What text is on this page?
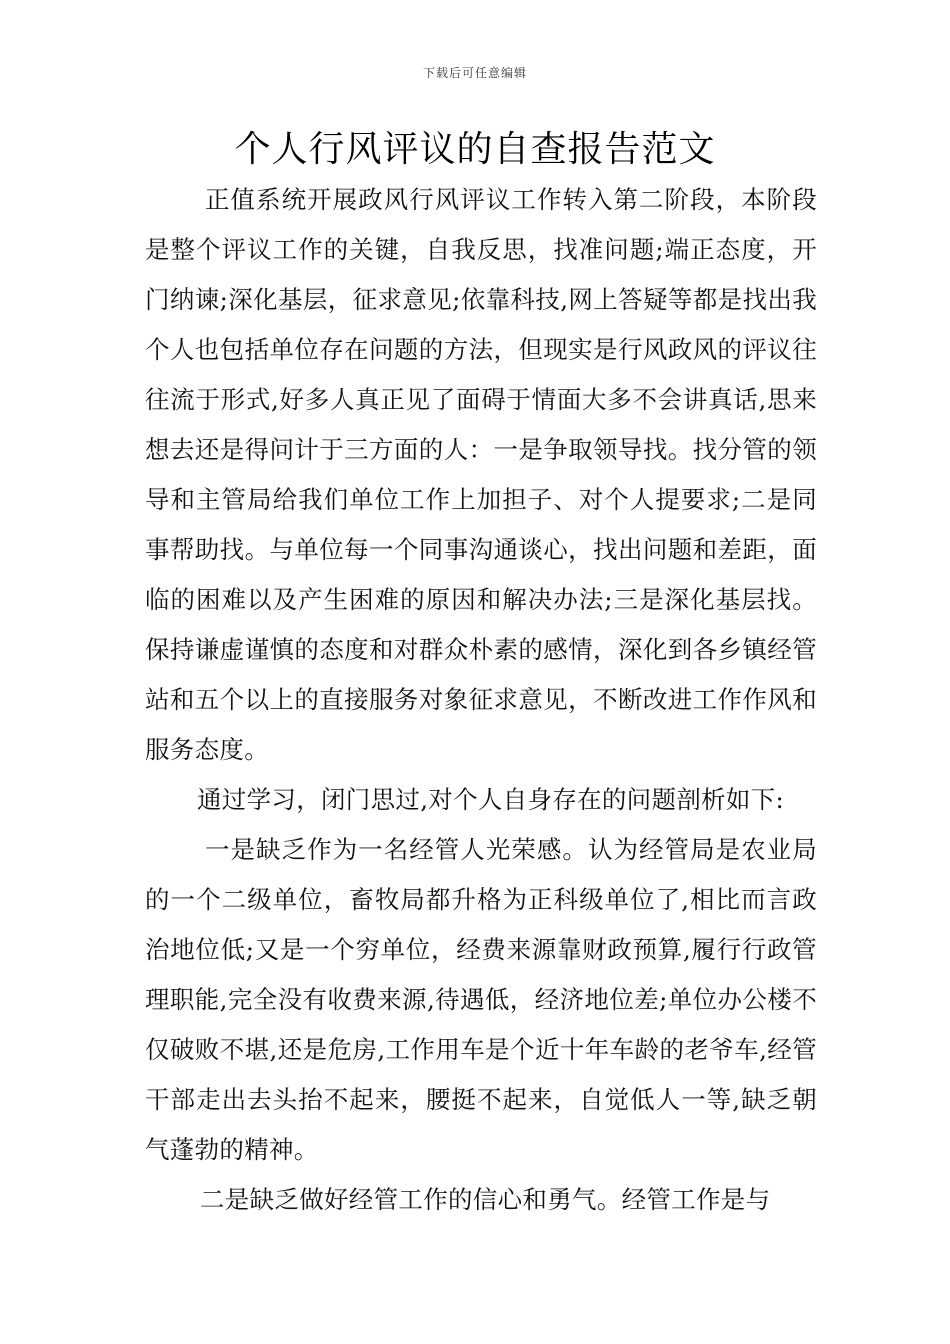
下载后可任意编辑
个人行风评议的自查报告范文

正值系统开展政风行风评议工作转入第二阶段，本阶段是整个评议工作的关键，自我反思，找准问题;端正态度，开门纳谏;深化基层，征求意见;依靠科技,网上答疑等都是找出我个人也包括单位存在问题的方法，但现实是行风政风的评议往往流于形式,好多人真正见了面碍于情面大多不会讲真话,思来想去还是得问计于三方面的人：一是争取领导找。找分管的领导和主管局给我们单位工作上加担子、对个人提要求;二是同事帮助找。与单位每一个同事沟通谈心，找出问题和差距，面临的困难以及产生困难的原因和解决办法;三是深化基层找。保持谦虚谨慎的态度和对群众朴素的感情，深化到各乡镇经管站和五个以上的直接服务对象征求意见，不断改进工作作风和服务态度。

通过学习，闭门思过,对个人自身存在的问题剖析如下:

一是缺乏作为一名经管人光荣感。认为经管局是农业局的一个二级单位，畜牧局都升格为正科级单位了,相比而言政治地位低;又是一个穷单位，经费来源靠财政预算,履行行政管理职能,完全没有收费来源,待遇低，经济地位差;单位办公楼不仅破败不堪,还是危房,工作用车是个近十年车龄的老爷车,经管干部走出去头抬不起来，腰挺不起来，自觉低人一等,缺乏朝气蓬勃的精神。

二是缺乏做好经管工作的信心和勇气。经管工作是与
